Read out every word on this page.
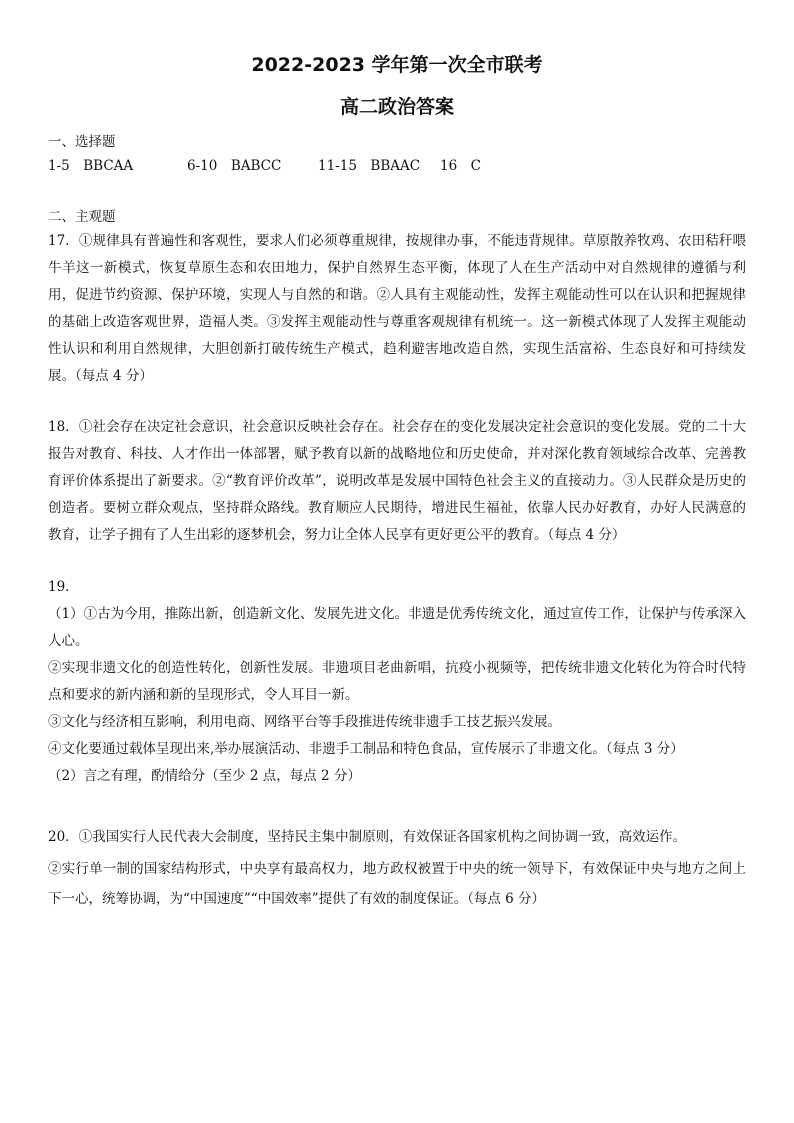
2022-2023 学年第一次全市联考
高二政治答案
一、选择题
1-5　BBCAA	6-10　BABCC	11-15　BBAAC 16　C
二、主观题

17．①规律具有普遍性和客观性，要求人们必须尊重规律，按规律办事，不能违背规律。草原散养牧鸡、农田秸秆喂牛羊这一新模式，恢复草原生态和农田地力，保护自然界生态平衡，体现了人在生产活动中对自然规律的遵循与利用，促进节约资源、保护环境，实现人与自然的和谐。②人具有主观能动性，发挥主观能动性可以在认识和把握规律的基础上改造客观世界，造福人类。③发挥主观能动性与尊重客观规律有机统一。这一新模式体现了人发挥主观能动性认识和利用自然规律，大胆创新打破传统生产模式，趋利避害地改造自然，实现生活富裕、生态良好和可持续发展。（每点 4 分）

18．①社会存在决定社会意识，社会意识反映社会存在。社会存在的变化发展决定社会意识的变化发展。党的二十大报告对教育、科技、人才作出一体部署，赋予教育以新的战略地位和历史使命，并对深化教育领域综合改革、完善教育评价体系提出了新要求。②“教育评价改革”，说明改革是发展中国特色社会主义的直接动力。③人民群众是历史的创造者。要树立群众观点，坚持群众路线。教育顺应人民期待，增进民生福祉，依靠人民办好教育，办好人民满意的教育，让学子拥有了人生出彩的逐梦机会，努力让全体人民享有更好更公平的教育。（每点 4 分）

19．

（1）①古为今用，推陈出新，创造新文化、发展先进文化。非遗是优秀传统文化，通过宣传工作，让保护与传承深入人心。

②实现非遗文化的创造性转化，创新性发展。非遗项目老曲新唱，抗疫小视频等，把传统非遗文化转化为符合时代特点和要求的新内涵和新的呈现形式，令人耳目一新。

③文化与经济相互影响，利用电商、网络平台等手段推进传统非遗手工技艺振兴发展。

④文化要通过载体呈现出来,举办展演活动、非遗手工制品和特色食品，宣传展示了非遗文化。（每点 3 分）

（2）言之有理，酌情给分（至少 2 点，每点 2 分）

20．①我国实行人民代表大会制度，坚持民主集中制原则，有效保证各国家机构之间协调一致，高效运作。

②实行单一制的国家结构形式，中央享有最高权力，地方政权被置于中央的统一领导下，有效保证中央与地方之间上下一心，统筹协调，为“中国速度”“中国效率”提供了有效的制度保证。（每点 6 分）
